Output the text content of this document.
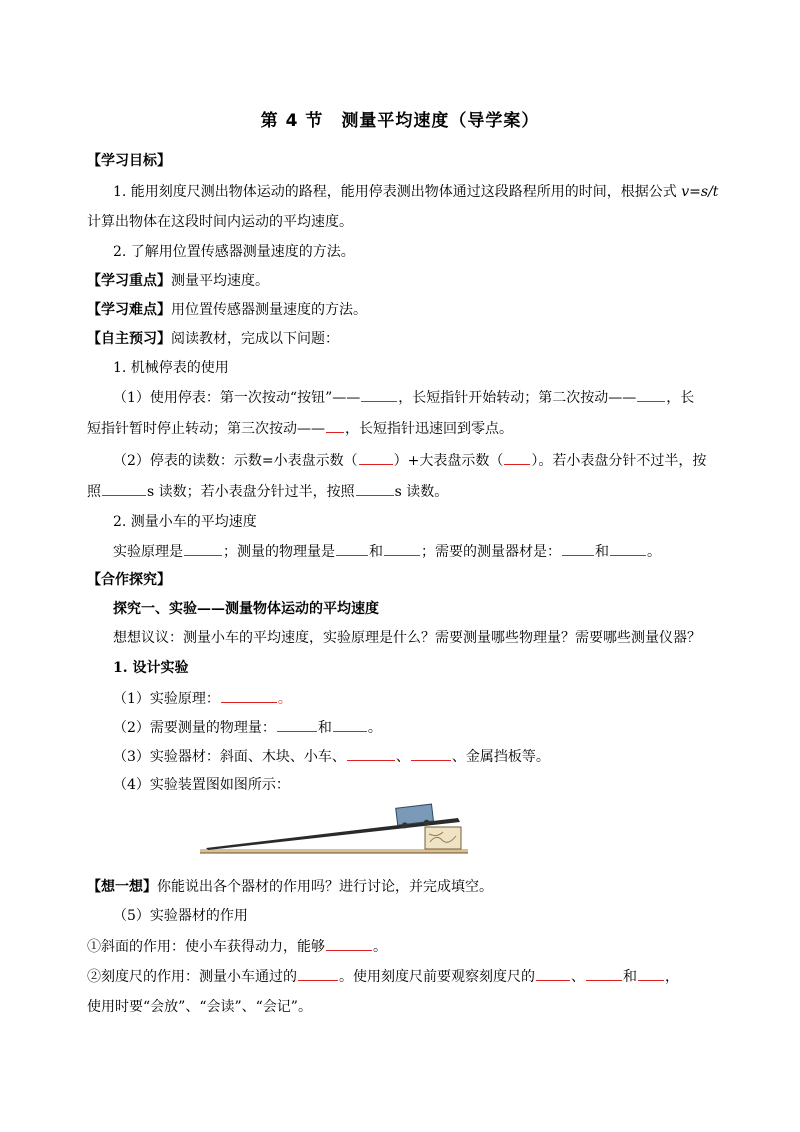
第 4 节　测量平均速度（导学案）
【学习目标】
1. 能用刻度尺测出物体运动的路程，能用停表测出物体通过这段路程所用的时间，根据公式 v=s/t
计算出物体在这段时间内运动的平均速度。
2. 了解用位置传感器测量速度的方法。
【学习重点】测量平均速度。
【学习难点】用位置传感器测量速度的方法。
【自主预习】阅读教材，完成以下问题：
1. 机械停表的使用
（1）使用停表：第一次按动“按钮”——	，长短指针开始转动；第二次按动—— ，长
短指针暂时停止转动；第三次按动—— ，长短指针迅速回到零点。
（2）停表的读数：示数=小表盘示数（	）+大表盘示数（ ）。若小表盘分针不过半，按
照	s 读数；若小表盘分针过半，按照	s 读数。
2. 测量小车的平均速度
实验原理是	；测量的物理量是 和	；需要的测量器材是： 和	。
【合作探究】
探究一、实验——测量物体运动的平均速度
想想议议：测量小车的平均速度，实验原理是什么？需要测量哪些物理量？需要哪些测量仪器？
1. 设计实验
（1）实验原理：	。
（2）需要测量的物理量：	和	。
（3）实验器材：斜面、木块、小车、	、	、金属挡板等。
（4）实验装置图如图所示：
【想一想】你能说出各个器材的作用吗？进行讨论，并完成填空。
（5）实验器材的作用
①斜面的作用：使小车获得动力，能够	。
②刻度尺的作用：测量小车通过的	。使用刻度尺前要观察刻度尺的	、	和 ，
使用时要“会放”、“会读”、“会记”。
